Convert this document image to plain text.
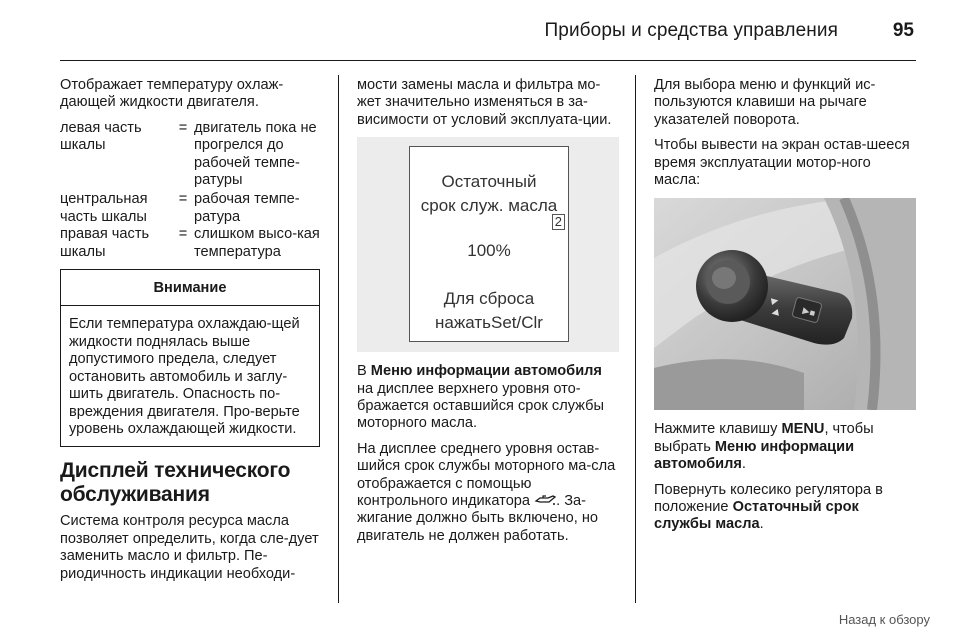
Приборы и средства управления	95

Отображает температуру охлаж-дающей жидкости двигателя.

левая часть шкалы	=	двигатель пока не прогрелся до рабочей темпе-ратуры
центральная часть шкалы	=	рабочая темпе-ратура
правая часть шкалы	=	слишком высо-кая температура
Внимание
Если температура охлаждаю-щей жидкости поднялась выше допустимого предела, следует остановить автомобиль и заглу-шить двигатель. Опасность по-вреждения двигателя. Про-верьте уровень охлаждающей жидкости.
Дисплей технического обслуживания

Система контроля ресурса масла позволяет определить, когда сле-дует заменить масло и фильтр. Пе-риодичность индикации необходи-

мости замены масла и фильтра мо-жет значительно изменяться в за-висимости от условий эксплуата-ции.

Остаточный
срок служ. масла
2
100%
Для сброса
нажатьSet/Clr

В Меню информации автомобиля на дисплее верхнего уровня ото-бражается оставшийся срок службы моторного масла.

На дисплее среднего уровня остав-шийся срок службы моторного ма-сла отображается с помощью контрольного индикатора . За-жигание должно быть включено, но двигатель не должен работать.

Для выбора меню и функций ис-пользуются клавиши на рычаге указателей поворота.

Чтобы вывести на экран остав-шееся время эксплуатации мотор-ного масла:

▶▪
▲
▼

Нажмите клавишу MENU, чтобы выбрать Меню информации автомобиля.

Повернуть колесико регулятора в положение Остаточный срок службы масла.

Назад к обзору
